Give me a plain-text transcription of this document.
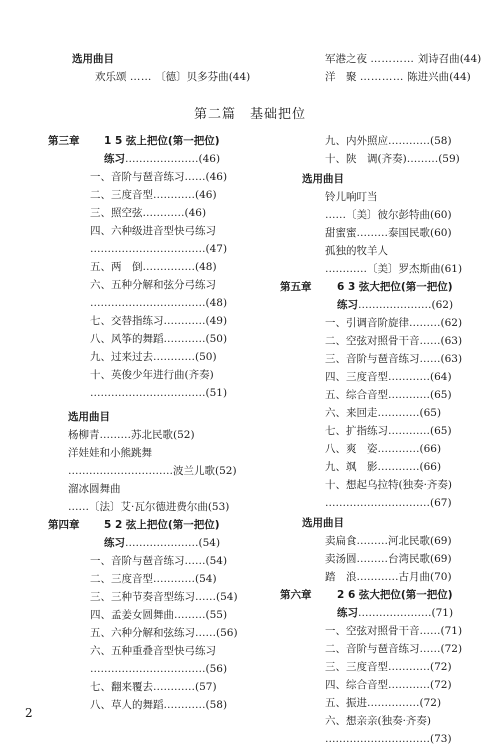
选用曲目
欢乐颂 …… 〔德〕贝多芬曲(44)
军港之夜 ………… 刘诗召曲(44)
洋　聚 ………… 陈进兴曲(44)
第二篇　基础把位
第三章 1 5 弦上把位(第一把位)
练习…………………(46)
一、音阶与琶音练习……(46)
二、三度音型…………(46)
三、照空弦…………(46)
四、六种级进音型快弓练习
……………………………(47)
五、两　倒……………(48)
六、五种分解和弦分弓练习
……………………………(48)
七、交替指练习…………(49)
八、风筝的舞蹈…………(50)
九、过来过去…………(50)
十、英俊少年进行曲(齐奏)
……………………………(51)
选用曲目
杨柳青………苏北民歌(52)
洋娃娃和小熊跳舞
…………………………波兰儿歌(52)
溜冰圆舞曲
……〔法〕艾·瓦尔德进费尔曲(53)
第四章 5 2 弦上把位(第一把位)
练习…………………(54)
一、音阶与琶音练习……(54)
二、三度音型…………(54)
三、三种节奏音型练习……(54)
四、孟姜女圆舞曲………(55)
五、六种分解和弦练习……(56)
六、五种重叠音型快弓练习
……………………………(56)
七、翻来覆去…………(57)
八、草人的舞蹈…………(58)
九、内外照应…………(58)
十、陕　调(齐奏)………(59)
选用曲目
铃儿响叮当
……〔美〕彼尔彭特曲(60)
甜蜜蜜………泰国民歌(60)
孤独的牧羊人
…………〔美〕罗杰斯曲(61)
第五章 6 3 弦大把位(第一把位)
练习…………………(62)
一、引调音阶旋律………(62)
二、空弦对照骨干音……(63)
三、音阶与琶音练习……(63)
四、三度音型…………(64)
五、综合音型…………(65)
六、来回走…………(65)
七、扩指练习…………(65)
八、爽　姿…………(66)
九、飒　影…………(66)
十、想起乌拉特(独奏·齐奏)
…………………………(67)
选用曲目
卖扁食………河北民歌(69)
卖汤圆………台湾民歌(69)
踏　浪…………古月曲(70)
第六章 2 6 弦大把位(第一把位)
练习…………………(71)
一、空弦对照骨干音……(71)
二、音阶与琶音练习……(72)
三、三度音型…………(72)
四、综合音型…………(72)
五、振进……………(72)
六、想亲亲(独奏·齐奏)
…………………………(73)
2
